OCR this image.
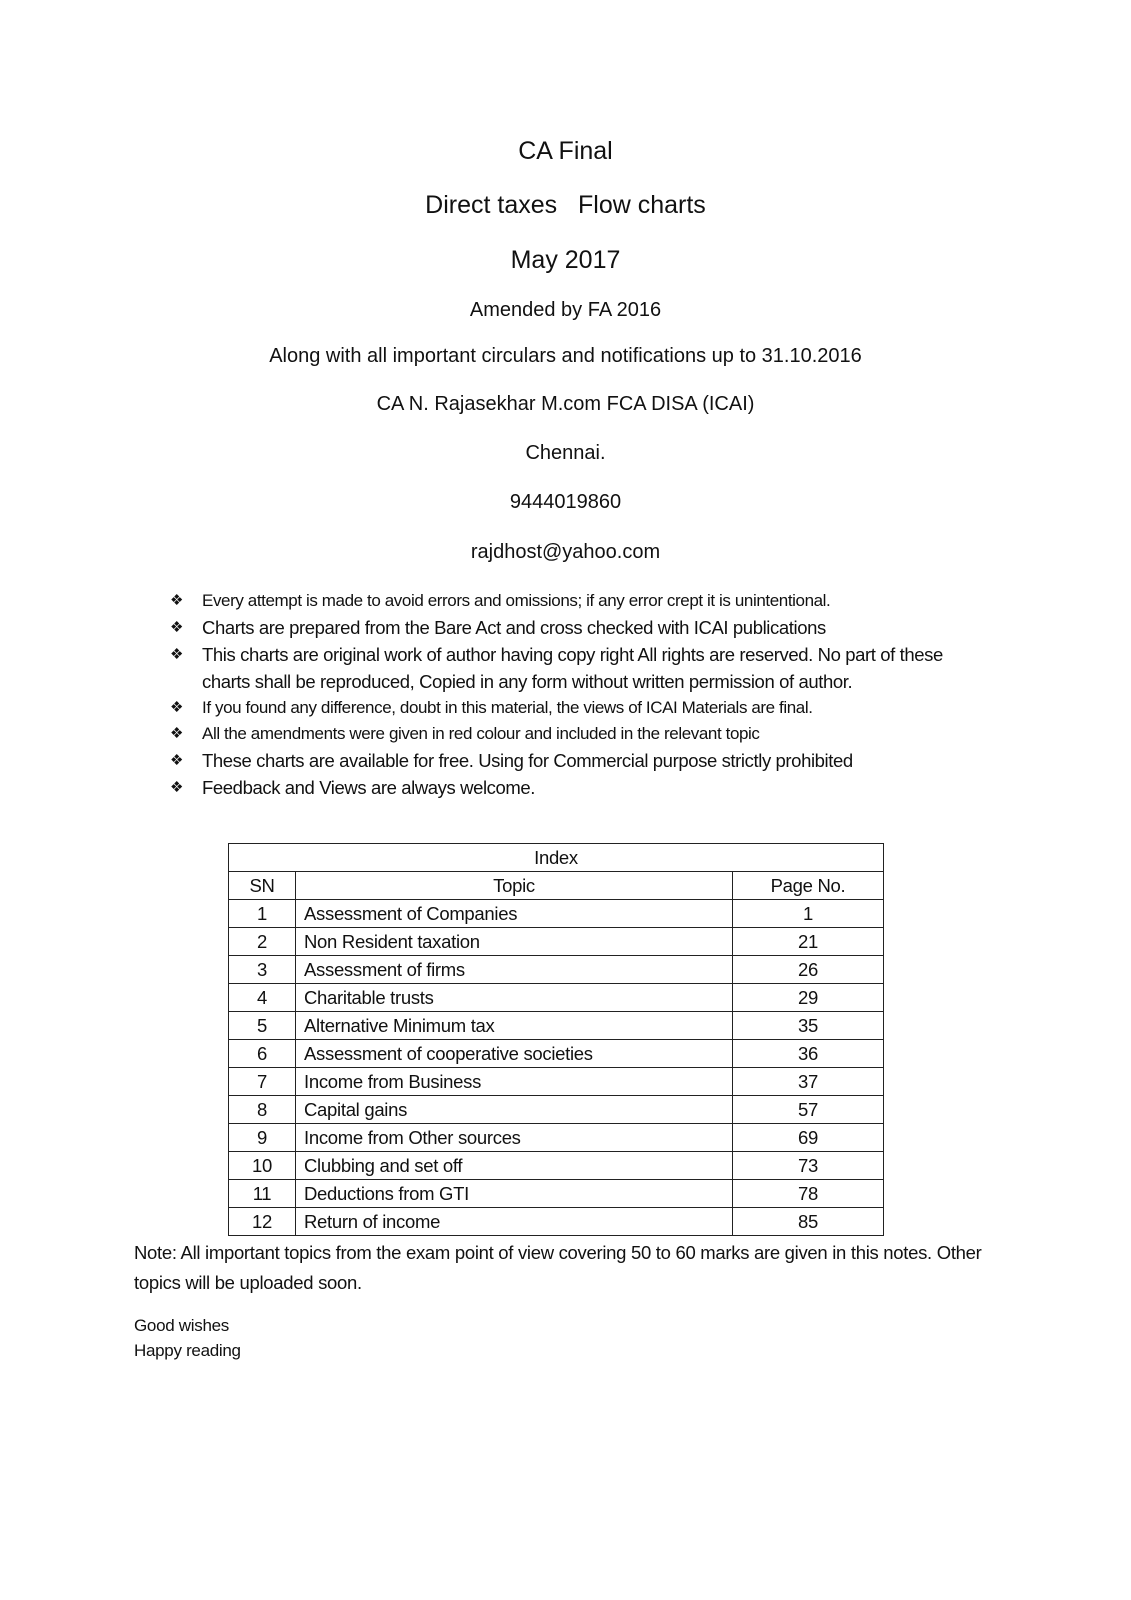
CA Final
Direct taxes Flow charts
May 2017
Amended by FA 2016
Along with all important circulars and notifications up to 31.10.2016
CA N. Rajasekhar M.com FCA DISA (ICAI)
Chennai.
9444019860
rajdhost@yahoo.com
❖ Every attempt is made to avoid errors and omissions; if any error crept it is unintentional.
❖ Charts are prepared from the Bare Act and cross checked with ICAI publications
❖ This charts are original work of author having copy right All rights are reserved. No part of these charts shall be reproduced, Copied in any form without written permission of author.
❖ If you found any difference, doubt in this material, the views of ICAI Materials are final.
❖ All the amendments were given in red colour and included in the relevant topic
❖ These charts are available for free. Using for Commercial purpose strictly prohibited
❖ Feedback and Views are always welcome.
Index		
SN	Topic	Page No.
1	Assessment of Companies	1
2	Non Resident taxation	21
3	Assessment of firms	26
4	Charitable trusts	29
5	Alternative Minimum tax	35
6	Assessment of cooperative societies	36
7	Income from Business	37
8	Capital gains	57
9	Income from Other sources	69
10	Clubbing and set off	73
11	Deductions from GTI	78
12	Return of income	85
Note: All important topics from the exam point of view covering 50 to 60 marks are given in this notes. Other topics will be uploaded soon.
Good wishes
Happy reading
